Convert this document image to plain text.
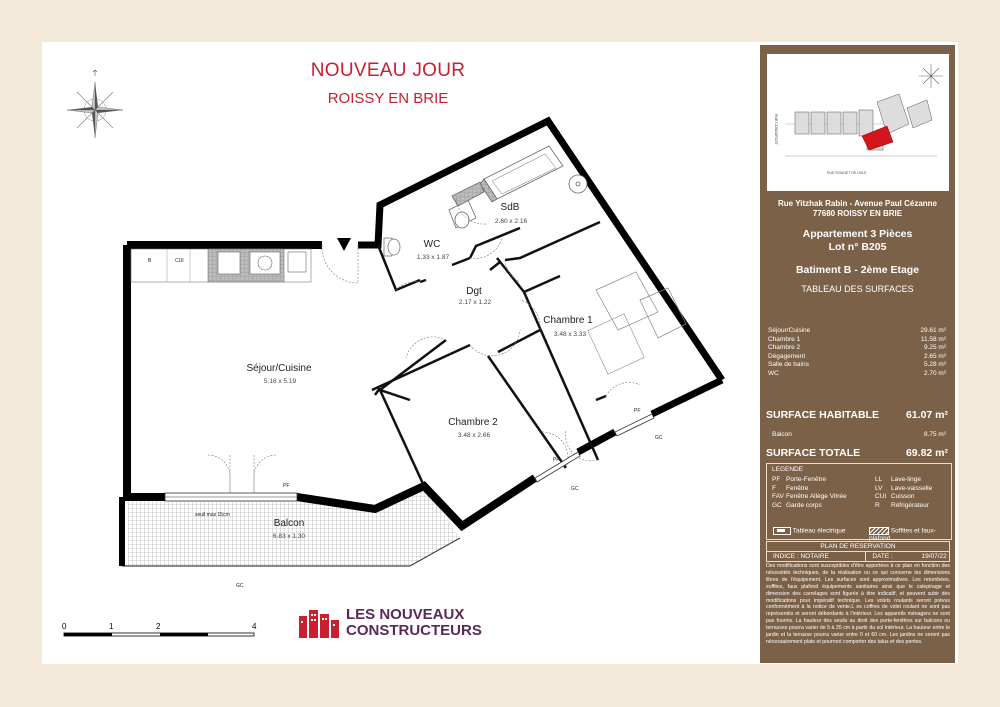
B	CUI
Chambre 1
3.48 x 3.33
SdB
2.60 x 2.16
WC
1.33 x 1.87
Dgt
2.17 x 1.22
Séjour/Cuisine
5.16 x 5.19
Chambre 2
3.48 x 2.66
Balcon
6.83 x 1.30
PF
seuil max 15cm
GC
PF
GC
PF
GC
NOUVEAU JOUR
ROISSY EN BRIE
0	1	2	4
LES NOUVEAUX
CONSTRUCTEURS
RUE ROUGET DE LISLE
RUE CONDORCET
Rue Yitzhak Rabin - Avenue Paul Cézanne
77680 ROISSY EN BRIE
Appartement 3 Pièces
Lot n° B205
Batiment B - 2ème Etage
TABLEAU DES SURFACES
Séjour/Cuisine	29.61 m²
Chambre 1	11.58 m²
Chambre 2	9.25 m²
Dégagement	2.65 m²
Salle de bains	5.28 m²
WC	2.70 m²
SURFACE HABITABLE	61.07 m²
Balcon	8.75 m²
SURFACE TOTALE	69.82 m²
LEGENDE
PF Porte-Fenêtre
F Fenêtre
FAV Fenêtre Allège Vitrée
GC Garde corps
LL Lave-linge
LV Lave-vaisselle
CUI Cuisson
R Réfrigérateur
Tableau électrique	Soffites et faux-plafond
PLAN DE RESERVATION
INDICE : NOTAIRE	DATE :	19/07/22
Des modifications sont susceptibles d'être apportées à ce plan en fonction des nécessités techniques, de la réalisation ou ce qui concerne les dimensions libres de l'équipement. Les surfaces sont approximatives. Les retombées, soffites, faux plafond équipements sanitaires ainsi que le calepinage et dimension des carrelages sont figurés à titre indicatif, et peuvent subir des modifications pour impératif technique. Les volets roulants seront prévus conformément à la notice de vente.L es coffres de volet roulant ne sont pas représentés et seront débordants à l'intérieur. Les appareils ménagers ne sont pas fournis. La hauteur des seuils au droit des porte-fenêtres sur balcons ou terrasses pourra varier de 5 à 35 cm à partir du sol intérieur. La hauteur entre le jardin et la terrasse pourra varier entre 0 et 60 cm. Les jardins ne seront pas nécessairement plats et pourront comporter des talus et des pentes.
